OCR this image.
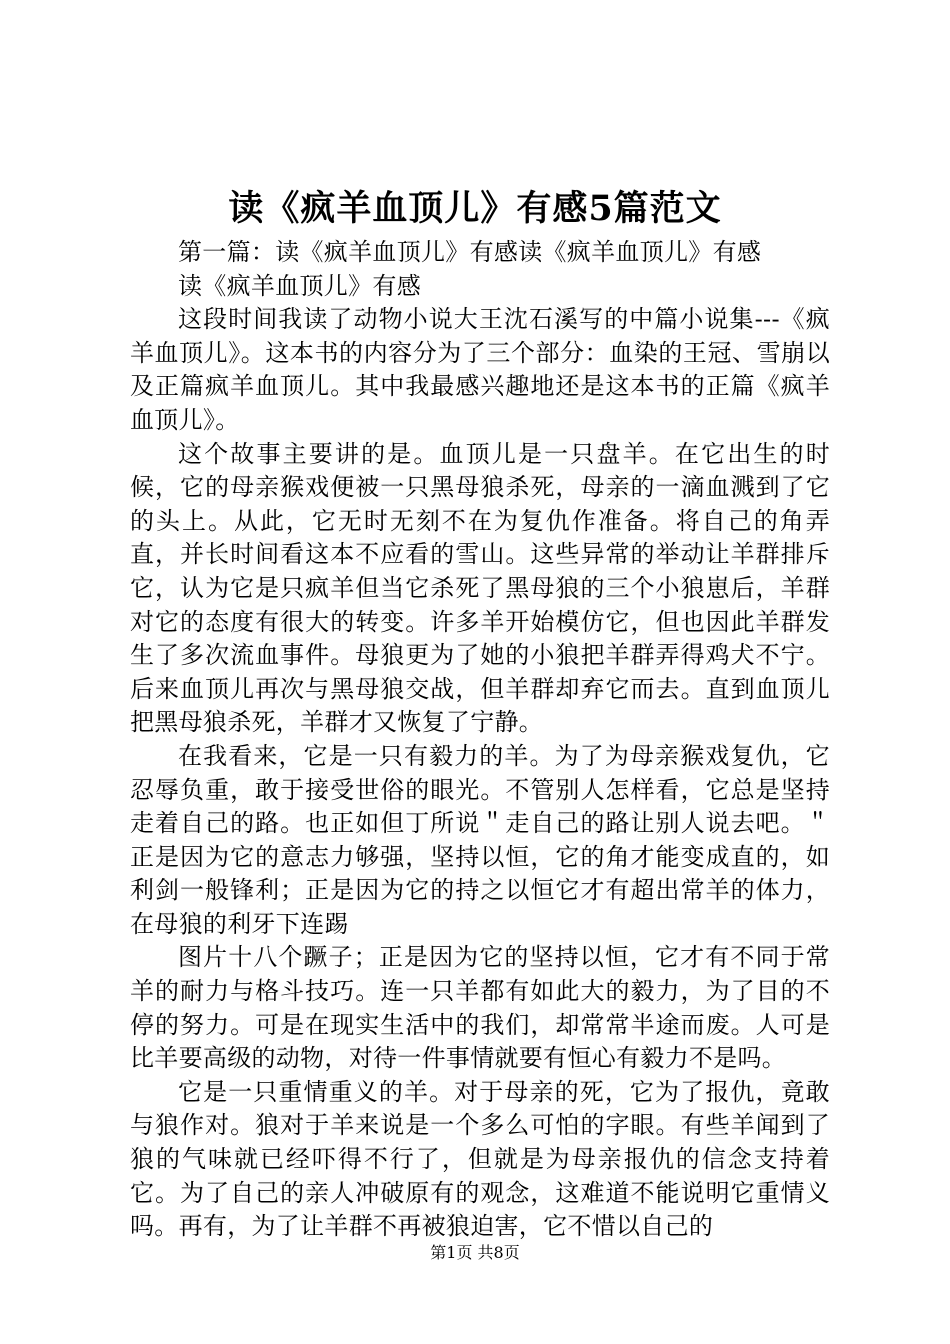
读《疯羊血顶儿》有感5篇范文

第一篇：读《疯羊血顶儿》有感读《疯羊血顶儿》有感

读《疯羊血顶儿》有感

这段时间我读了动物小说大王沈石溪写的中篇小说集---《疯羊血顶儿》。这本书的内容分为了三个部分：血染的王冠、雪崩以及正篇疯羊血顶儿。其中我最感兴趣地还是这本书的正篇《疯羊血顶儿》。

这个故事主要讲的是。血顶儿是一只盘羊。在它出生的时候，它的母亲猴戏便被一只黑母狼杀死，母亲的一滴血溅到了它的头上。从此，它无时无刻不在为复仇作准备。将自己的角弄直，并长时间看这本不应看的雪山。这些异常的举动让羊群排斥它，认为它是只疯羊但当它杀死了黑母狼的三个小狼崽后，羊群对它的态度有很大的转变。许多羊开始模仿它，但也因此羊群发生了多次流血事件。母狼更为了她的小狼把羊群弄得鸡犬不宁。后来血顶儿再次与黑母狼交战，但羊群却弃它而去。直到血顶儿把黑母狼杀死，羊群才又恢复了宁静。

在我看来，它是一只有毅力的羊。为了为母亲猴戏复仇，它忍辱负重，敢于接受世俗的眼光。不管别人怎样看，它总是坚持走着自己的路。也正如但丁所说＂走自己的路让别人说去吧。＂正是因为它的意志力够强，坚持以恒，它的角才能变成直的，如利剑一般锋利；正是因为它的持之以恒它才有超出常羊的体力，在母狼的利牙下连踢

图片十八个蹶子；正是因为它的坚持以恒，它才有不同于常羊的耐力与格斗技巧。连一只羊都有如此大的毅力，为了目的不停的努力。可是在现实生活中的我们，却常常半途而废。人可是比羊要高级的动物，对待一件事情就要有恒心有毅力不是吗。

它是一只重情重义的羊。对于母亲的死，它为了报仇，竟敢与狼作对。狼对于羊来说是一个多么可怕的字眼。有些羊闻到了狼的气味就已经吓得不行了，但就是为母亲报仇的信念支持着它。为了自己的亲人冲破原有的观念，这难道不能说明它重情义吗。再有，为了让羊群不再被狼迫害，它不惜以自己的

第1页 共8页
